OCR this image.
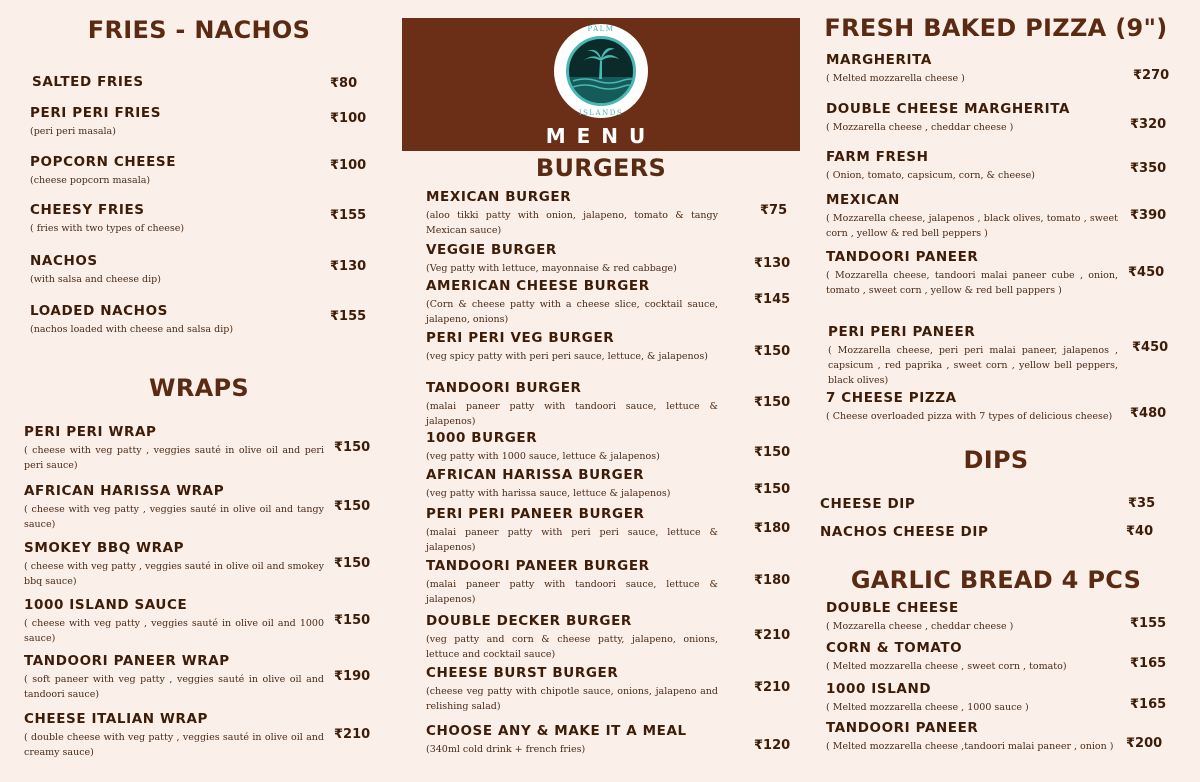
FRIES - NACHOS
SALTED FRIES	₹80
PERI PERI FRIES
(peri peri masala)
₹100
POPCORN CHEESE
(cheese popcorn masala)
₹100
CHEESY FRIES
( fries with two types of cheese)
₹155
NACHOS
(with salsa and cheese dip)
₹130
LOADED NACHOS
(nachos loaded with cheese and salsa dip)
₹155
WRAPS
PERI PERI WRAP
( cheese with veg patty , veggies sauté in olive oil and peri peri sauce)
₹150
AFRICAN HARISSA WRAP
( cheese with veg patty , veggies sauté in olive oil and tangy sauce)
₹150
SMOKEY BBQ WRAP
( cheese with veg patty , veggies sauté in olive oil and smokey bbq sauce)
₹150
1000 ISLAND SAUCE
( cheese with veg patty , veggies sauté in olive oil and 1000 sauce)
₹150
TANDOORI PANEER WRAP
( soft paneer with veg patty , veggies sauté in olive oil and tandoori sauce)
₹190
CHEESE ITALIAN WRAP
( double cheese with veg patty , veggies sauté in olive oil and creamy sauce)
₹210
PALM
ISLANDS
MENU
BURGERS
MEXICAN BURGER
(aloo tikki patty with onion, jalapeno, tomato & tangy Mexican sauce)
₹75
VEGGIE BURGER
(Veg patty with lettuce, mayonnaise & red cabbage)	₹130
AMERICAN CHEESE BURGER
(Corn & cheese patty with a cheese slice, cocktail sauce, jalapeno, onions)
₹145
PERI PERI VEG BURGER
(veg spicy patty with peri peri sauce, lettuce, & jalapenos)	₹150
TANDOORI BURGER
(malai paneer patty with tandoori sauce, lettuce & jalapenos)
₹150
1000 BURGER
(veg patty with 1000 sauce, lettuce & jalapenos)	₹150
AFRICAN HARISSA BURGER
(veg patty with harissa sauce, lettuce & jalapenos)	₹150
PERI PERI PANEER BURGER
(malai paneer patty with peri peri sauce, lettuce & jalapenos)
₹180
TANDOORI PANEER BURGER
(malai paneer patty with tandoori sauce, lettuce & jalapenos)
₹180
DOUBLE DECKER BURGER
(veg patty and corn & cheese patty, jalapeno, onions, lettuce and cocktail sauce)
₹210
CHEESE BURST BURGER
(cheese veg patty with chipotle sauce, onions, jalapeno and relishing salad)
₹210
CHOOSE ANY & MAKE IT A MEAL
(340ml cold drink + french fries)	₹120
FRESH BAKED PIZZA (9")
MARGHERITA
( Melted mozzarella cheese )	₹270
DOUBLE CHEESE MARGHERITA
( Mozzarella cheese , cheddar cheese )	₹320
FARM FRESH
( Onion, tomato, capsicum, corn, & cheese)	₹350
MEXICAN
( Mozzarella cheese, jalapenos , black olives, tomato , sweet corn , yellow & red bell peppers )
₹390
TANDOORI PANEER
( Mozzarella cheese, tandoori malai paneer cube , onion, tomato , sweet corn , yellow & red bell pappers )
₹450
PERI PERI PANEER
( Mozzarella cheese, peri peri malai paneer, jalapenos , capsicum , red paprika , sweet corn , yellow bell peppers, black olives)
₹450
7 CHEESE PIZZA
( Cheese overloaded pizza with 7 types of delicious cheese)	₹480
DIPS
CHEESE DIP	₹35
NACHOS CHEESE DIP	₹40
GARLIC BREAD 4 PCS
DOUBLE CHEESE
( Mozzarella cheese , cheddar cheese )	₹155
CORN & TOMATO
( Melted mozzarella cheese , sweet corn , tomato)	₹165
1000 ISLAND
( Melted mozzarella cheese , 1000 sauce )	₹165
TANDOORI PANEER
( Melted mozzarella cheese ,tandoori malai paneer , onion ) ₹200
